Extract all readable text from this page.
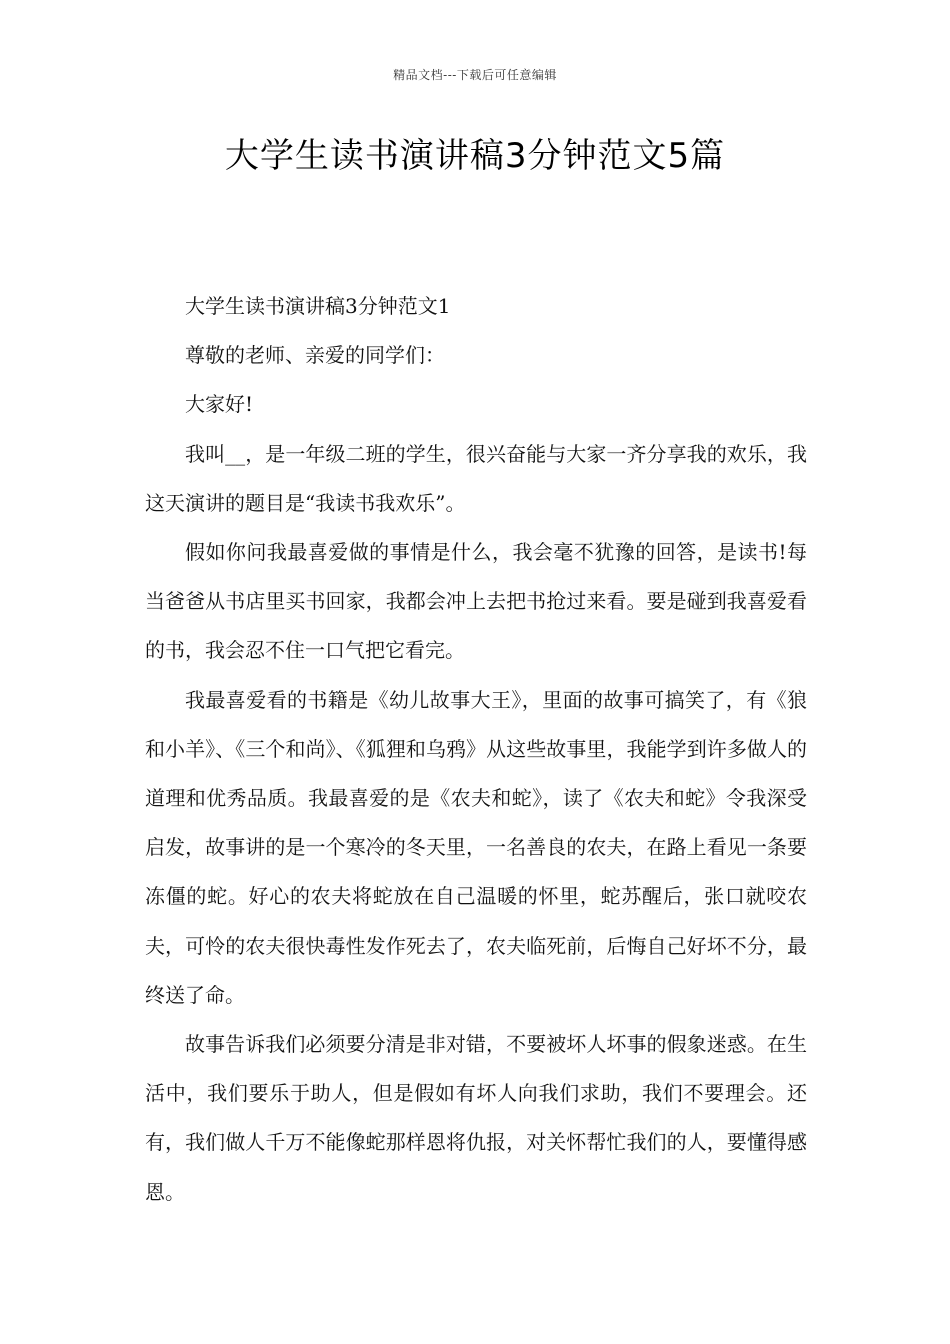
精品文档---下载后可任意编辑
大学生读书演讲稿3分钟范文5篇

大学生读书演讲稿3分钟范文1

尊敬的老师、亲爱的同学们：

大家好!

我叫__，是一年级二班的学生，很兴奋能与大家一齐分享我的欢乐，我这天演讲的题目是“我读书我欢乐”。

假如你问我最喜爱做的事情是什么，我会毫不犹豫的回答，是读书!每当爸爸从书店里买书回家，我都会冲上去把书抢过来看。要是碰到我喜爱看的书，我会忍不住一口气把它看完。

我最喜爱看的书籍是《幼儿故事大王》，里面的故事可搞笑了，有《狼和小羊》、《三个和尚》、《狐狸和乌鸦》从这些故事里，我能学到许多做人的道理和优秀品质。我最喜爱的是《农夫和蛇》，读了《农夫和蛇》令我深受启发，故事讲的是一个寒冷的冬天里，一名善良的农夫，在路上看见一条要冻僵的蛇。好心的农夫将蛇放在自己温暖的怀里，蛇苏醒后，张口就咬农夫，可怜的农夫很快毒性发作死去了，农夫临死前，后悔自己好坏不分，最终送了命。

故事告诉我们必须要分清是非对错，不要被坏人坏事的假象迷惑。在生活中，我们要乐于助人，但是假如有坏人向我们求助，我们不要理会。还有，我们做人千万不能像蛇那样恩将仇报，对关怀帮忙我们的人，要懂得感恩。
